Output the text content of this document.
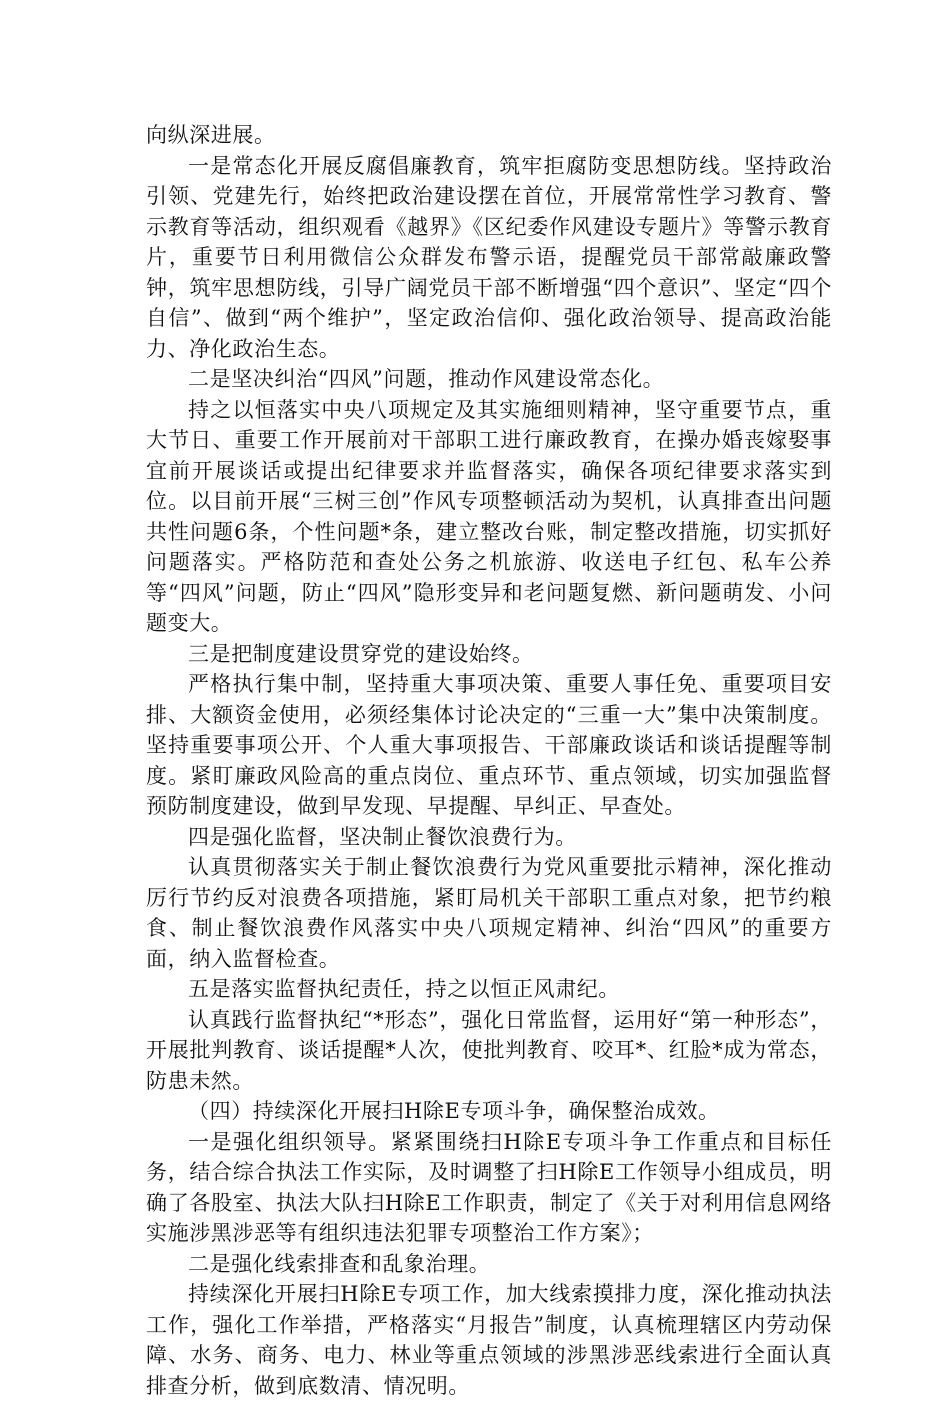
向纵深进展。

一是常态化开展反腐倡廉教育，筑牢拒腐防变思想防线。坚持政治引领、党建先行，始终把政治建设摆在首位，开展常常性学习教育、警示教育等活动，组织观看《越界》《区纪委作风建设专题片》等警示教育片，重要节日利用微信公众群发布警示语，提醒党员干部常敲廉政警钟，筑牢思想防线，引导广阔党员干部不断增强“四个意识”、坚定“四个自信”、做到“两个维护”，坚定政治信仰、强化政治领导、提高政治能力、净化政治生态。

二是坚决纠治“四风”问题，推动作风建设常态化。

持之以恒落实中央八项规定及其实施细则精神，坚守重要节点，重大节日、重要工作开展前对干部职工进行廉政教育，在操办婚丧嫁娶事宜前开展谈话或提出纪律要求并监督落实，确保各项纪律要求落实到位。以目前开展“三树三创”作风专项整顿活动为契机，认真排查出问题共性问题6条，个性问题*条，建立整改台账，制定整改措施，切实抓好问题落实。严格防范和查处公务之机旅游、收送电子红包、私车公养等“四风”问题，防止“四风”隐形变异和老问题复燃、新问题萌发、小问题变大。

三是把制度建设贯穿党的建设始终。

严格执行集中制，坚持重大事项决策、重要人事任免、重要项目安排、大额资金使用，必须经集体讨论决定的“三重一大”集中决策制度。坚持重要事项公开、个人重大事项报告、干部廉政谈话和谈话提醒等制度。紧盯廉政风险高的重点岗位、重点环节、重点领域，切实加强监督预防制度建设，做到早发现、早提醒、早纠正、早查处。

四是强化监督，坚决制止餐饮浪费行为。

认真贯彻落实关于制止餐饮浪费行为党风重要批示精神，深化推动厉行节约反对浪费各项措施，紧盯局机关干部职工重点对象，把节约粮食、制止餐饮浪费作风落实中央八项规定精神、纠治“四风”的重要方面，纳入监督检查。

五是落实监督执纪责任，持之以恒正风肃纪。

认真践行监督执纪“*形态”，强化日常监督，运用好“第一种形态”，开展批判教育、谈话提醒*人次，使批判教育、咬耳*、红脸*成为常态，防患未然。

（四）持续深化开展扫H除E专项斗争，确保整治成效。

一是强化组织领导。紧紧围绕扫H除E专项斗争工作重点和目标任务，结合综合执法工作实际，及时调整了扫H除E工作领导小组成员，明确了各股室、执法大队扫H除E工作职责，制定了《关于对利用信息网络实施涉黑涉恶等有组织违法犯罪专项整治工作方案》；

二是强化线索排查和乱象治理。

持续深化开展扫H除E专项工作，加大线索摸排力度，深化推动执法工作，强化工作举措，严格落实“月报告”制度，认真梳理辖区内劳动保障、水务、商务、电力、林业等重点领域的涉黑涉恶线索进行全面认真排查分析，做到底数清、情况明。
